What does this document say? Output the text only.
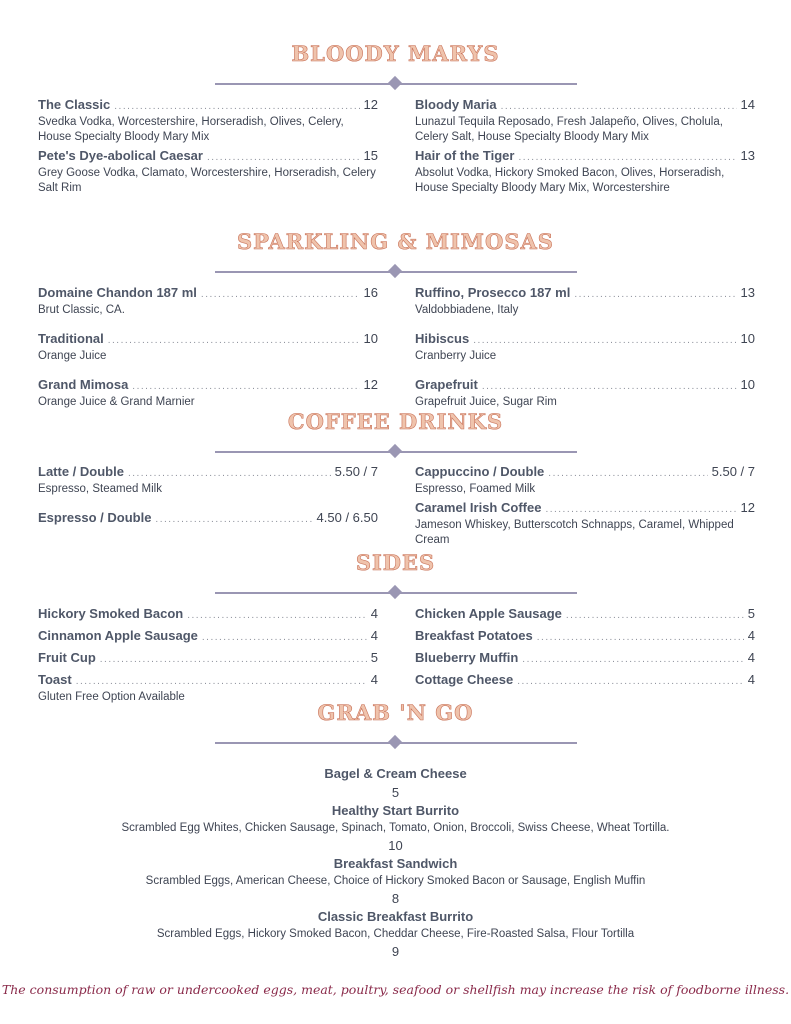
BLOODY MARYS
The Classic .....	12
Svedka Vodka, Worcestershire, Horseradish, Olives, Celery, House Specialty Bloody Mary Mix
Pete's Dye-abolical Caesar .....	15
Grey Goose Vodka, Clamato, Worcestershire, Horseradish, Celery Salt Rim
Bloody Maria .....	14
Lunazul Tequila Reposado, Fresh Jalapeño, Olives, Cholula, Celery Salt, House Specialty Bloody Mary Mix
Hair of the Tiger .....	13
Absolut Vodka, Hickory Smoked Bacon, Olives, Horseradish, House Specialty Bloody Mary Mix, Worcestershire
SPARKLING & MIMOSAS
Domaine Chandon 187 ml .....	16
Brut Classic, CA.
Traditional .....	10
Orange Juice
Grand Mimosa .....	12
Orange Juice & Grand Marnier
Ruffino, Prosecco 187 ml .....	13
Valdobbiadene, Italy
Hibiscus .....	10
Cranberry Juice
Grapefruit .....	10
Grapefruit Juice, Sugar Rim
COFFEE DRINKS
Latte / Double .....	5.50 / 7
Espresso, Steamed Milk
Espresso / Double .....	4.50 / 6.50
Cappuccino / Double .....	5.50 / 7
Espresso, Foamed Milk
Caramel Irish Coffee .....	12
Jameson Whiskey, Butterscotch Schnapps, Caramel, Whipped Cream
SIDES
Hickory Smoked Bacon .....	4
Cinnamon Apple Sausage .....	4
Fruit Cup .....	5
Toast .....	4
Gluten Free Option Available
Chicken Apple Sausage .....	5
Breakfast Potatoes .....	4
Blueberry Muffin .....	4
Cottage Cheese .....	4
GRAB 'N GO
Bagel & Cream Cheese
5
Healthy Start Burrito
Scrambled Egg Whites, Chicken Sausage, Spinach, Tomato, Onion, Broccoli, Swiss Cheese, Wheat Tortilla.
10
Breakfast Sandwich
Scrambled Eggs, American Cheese, Choice of Hickory Smoked Bacon or Sausage, English Muffin
8
Classic Breakfast Burrito
Scrambled Eggs, Hickory Smoked Bacon, Cheddar Cheese, Fire-Roasted Salsa, Flour Tortilla
9
The consumption of raw or undercooked eggs, meat, poultry, seafood or shellfish may increase the risk of foodborne illness.
